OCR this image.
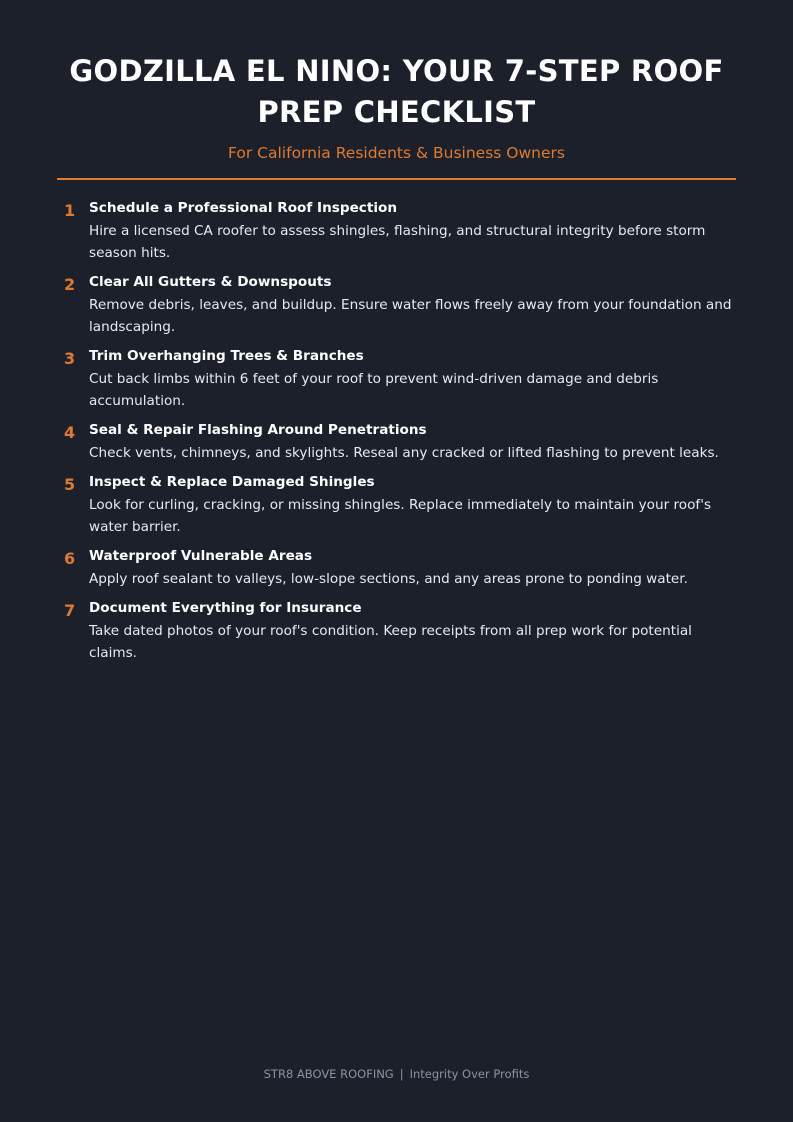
GODZILLA EL NINO: YOUR 7-STEP ROOF PREP CHECKLIST
For California Residents & Business Owners
1 Schedule a Professional Roof Inspection
Hire a licensed CA roofer to assess shingles, flashing, and structural integrity before storm season hits.
2 Clear All Gutters & Downspouts
Remove debris, leaves, and buildup. Ensure water flows freely away from your foundation and landscaping.
3 Trim Overhanging Trees & Branches
Cut back limbs within 6 feet of your roof to prevent wind-driven damage and debris accumulation.
4 Seal & Repair Flashing Around Penetrations
Check vents, chimneys, and skylights. Reseal any cracked or lifted flashing to prevent leaks.
5 Inspect & Replace Damaged Shingles
Look for curling, cracking, or missing shingles. Replace immediately to maintain your roof's water barrier.
6 Waterproof Vulnerable Areas
Apply roof sealant to valleys, low-slope sections, and any areas prone to ponding water.
7 Document Everything for Insurance
Take dated photos of your roof's condition. Keep receipts from all prep work for potential claims.
STR8 ABOVE ROOFING | Integrity Over Profits
